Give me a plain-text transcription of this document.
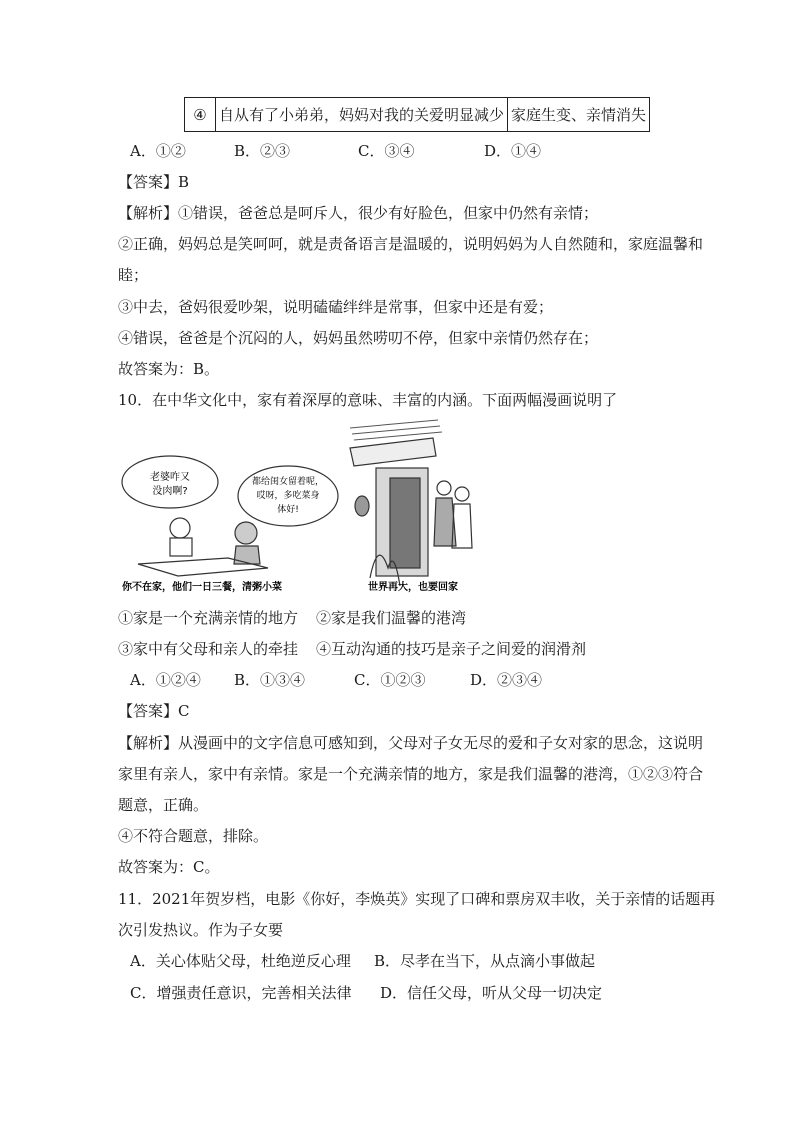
④	自从有了小弟弟，妈妈对我的关爱明显减少	家庭生变、亲情消失
A．①②	B．②③	C．③④	D．①④
【答案】B
【解析】①错误，爸爸总是呵斥人，很少有好脸色，但家中仍然有亲情；
②正确，妈妈总是笑呵呵，就是责备语言是温暖的，说明妈妈为人自然随和，家庭温馨和
睦；
③中去，爸妈很爱吵架，说明磕磕绊绊是常事，但家中还是有爱；
④错误，爸爸是个沉闷的人，妈妈虽然唠叨不停，但家中亲情仍然存在；
故答案为：B。
10．在中华文化中，家有着深厚的意味、丰富的内涵。下面两幅漫画说明了
老婆咋又
没肉啊?
都给闺女留着呢，
哎呀，多吃菜身
体好!
你不在家，他们一日三餐，清粥小菜	世界再大，也要回家
①家是一个充满亲情的地方 ②家是我们温馨的港湾
③家中有父母和亲人的牵挂 ④互动沟通的技巧是亲子之间爱的润滑剂
A．①②④ B．①③④	C．①②③	D．②③④
【答案】C
【解析】从漫画中的文字信息可感知到，父母对子女无尽的爱和子女对家的思念，这说明
家里有亲人，家中有亲情。家是一个充满亲情的地方，家是我们温馨的港湾，①②③符合
题意，正确。
④不符合题意，排除。
故答案为：C。
11．2021年贺岁档，电影《你好，李焕英》实现了口碑和票房双丰收，关于亲情的话题再
次引发热议。作为子女要
A．关心体贴父母，杜绝逆反心理 B．尽孝在当下，从点滴小事做起
C．增强责任意识，完善相关法律 D．信任父母，听从父母一切决定
